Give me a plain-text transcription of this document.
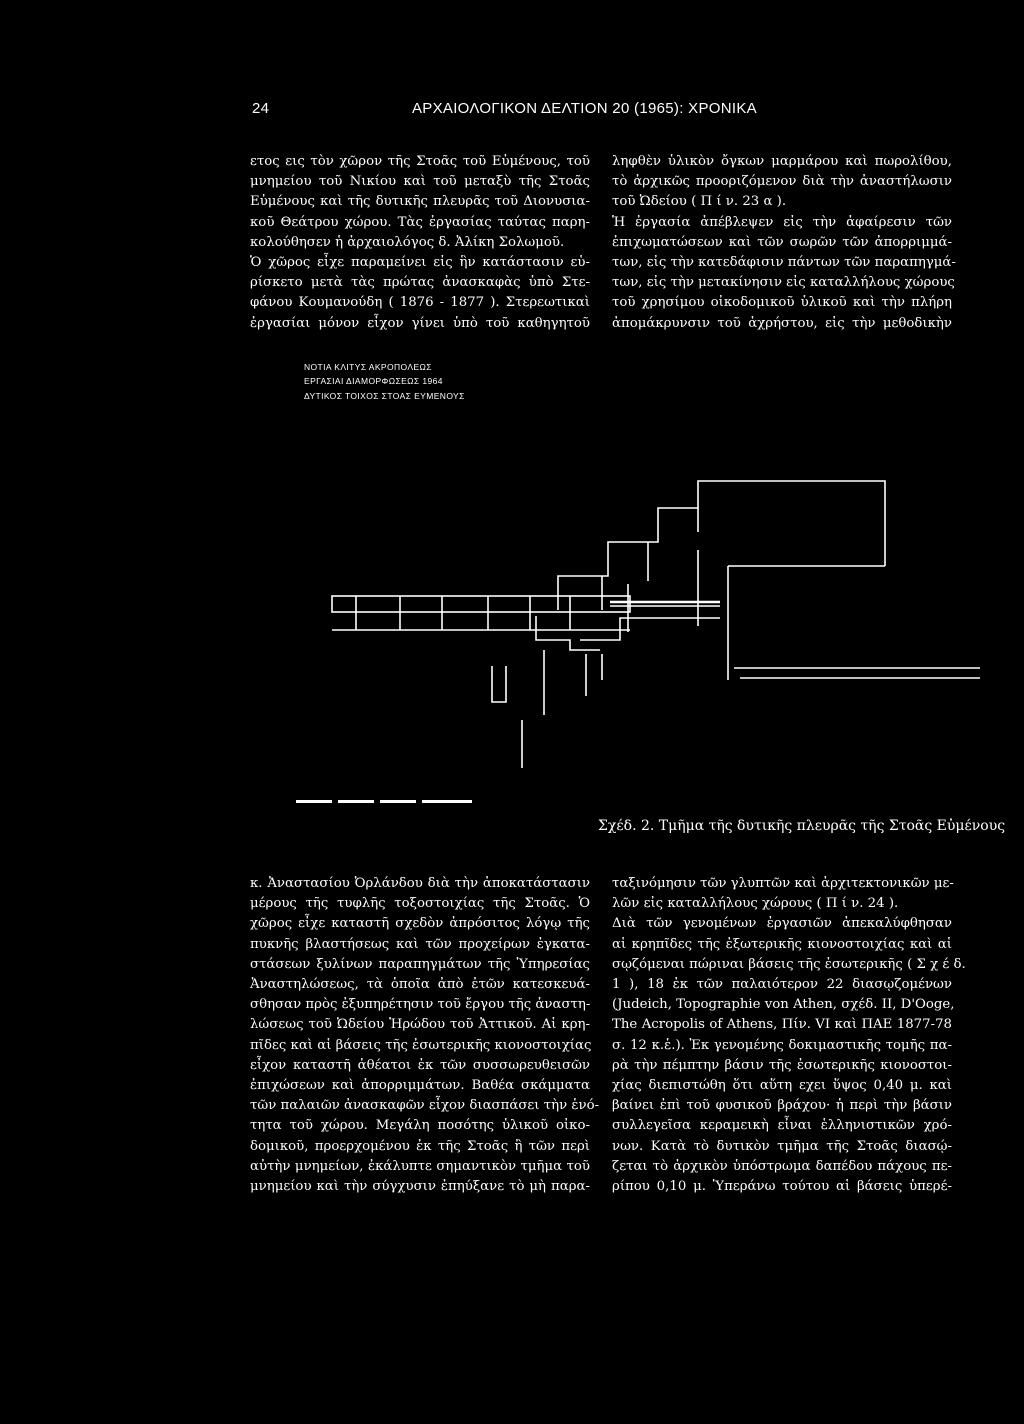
24	ΑΡΧΑΙΟΛΟΓΙΚΟΝ ΔΕΛΤΙΟΝ 20 (1965): ΧΡΟΝΙΚΑ
ετος εις τὸν χῶρον τῆς Στοᾶς τοῦ Εὐμένους, τοῦ
μνημείου τοῦ Νικίου καὶ τοῦ μεταξὺ τῆς Στοᾶς
Εὐμένους καὶ τῆς δυτικῆς πλευρᾶς τοῦ Διονυσια-
κοῦ Θεάτρου χώρου. Τὰς ἐργασίας ταύτας παρη-
κολούθησεν ἡ ἀρχαιολόγος δ. Ἀλίκη Σολωμοῦ.
Ὁ χῶρος εἶχε παραμείνει εἰς ἣν κατάστασιν εὑ-
ρίσκετο μετὰ τὰς πρώτας ἀνασκαφὰς ὑπὸ Στε-
φάνου Κουμανούδη ( 1876 - 1877 ). Στερεωτικαὶ
ἐργασίαι μόνον εἶχον γίνει ὑπὸ τοῦ καθηγητοῦ
ληφθὲν ὑλικὸν ὄγκων μαρμάρου καὶ πωρολίθου,
τὸ ἀρχικῶς προοριζόμενον διὰ τὴν ἀναστήλωσιν
τοῦ Ὠδείου ( Π ί ν. 23 α ).
Ἡ ἐργασία ἀπέβλεψεν εἰς τὴν ἀφαίρεσιν τῶν
ἐπιχωματώσεων καὶ τῶν σωρῶν τῶν ἀπορριμμά-
των, εἰς τὴν κατεδάφισιν πάντων τῶν παραπηγμά-
των, εἰς τὴν μετακίνησιν εἰς καταλλήλους χώρους
τοῦ χρησίμου οἰκοδομικοῦ ὑλικοῦ καὶ τὴν πλήρη
ἀπομάκρυνσιν τοῦ ἀχρήστου, εἰς τὴν μεθοδικὴν
ΝΟΤΙΑ ΚΛΙΤΥΣ ΑΚΡΟΠΟΛΕΩΣ
ΕΡΓΑΣΙΑΙ ΔΙΑΜΟΡΦΩΣΕΩΣ 1964
ΔΥΤΙΚΟΣ ΤΟΙΧΟΣ ΣΤΟΑΣ ΕΥΜΕΝΟΥΣ
Σχέδ. 2. Τμῆμα τῆς δυτικῆς πλευρᾶς τῆς Στοᾶς Εὐμένους
κ. Ἀναστασίου Ὀρλάνδου διὰ τὴν ἀποκατάστασιν
μέρους τῆς τυφλῆς τοξοστοιχίας τῆς Στοᾶς. Ὁ
χῶρος εἶχε καταστῆ σχεδὸν ἀπρόσιτος λόγῳ τῆς
πυκνῆς βλαστήσεως καὶ τῶν προχείρων ἐγκατα-
στάσεων ξυλίνων παραπηγμάτων τῆς Ὑπηρεσίας
Ἀναστηλώσεως, τὰ ὁποῖα ἀπὸ ἐτῶν κατεσκευά-
σθησαν πρὸς ἐξυπηρέτησιν τοῦ ἔργου τῆς ἀναστη-
λώσεως τοῦ Ὠδείου Ἡρώδου τοῦ Ἀττικοῦ. Αἱ κρη-
πῖδες καὶ αἱ βάσεις τῆς ἐσωτερικῆς κιονοστοιχίας
εἶχον καταστῆ ἀθέατοι ἐκ τῶν συσσωρευθεισῶν
ἐπιχώσεων καὶ ἀπορριμμάτων. Βαθέα σκάμματα
τῶν παλαιῶν ἀνασκαφῶν εἶχον διασπάσει τὴν ἑνό-
τητα τοῦ χώρου. Μεγάλη ποσότης ὑλικοῦ οἰκο-
δομικοῦ, προερχομένου ἐκ τῆς Στοᾶς ἢ τῶν περὶ
αὐτὴν μνημείων, ἐκάλυπτε σημαντικὸν τμῆμα τοῦ
μνημείου καὶ τὴν σύγχυσιν ἐπηύξανε τὸ μὴ παρα-
ταξινόμησιν τῶν γλυπτῶν καὶ ἀρχιτεκτονικῶν με-
λῶν εἰς καταλλήλους χώρους ( Π ί ν. 24 ).
Διὰ τῶν γενομένων ἐργασιῶν ἀπεκαλύφθησαν
αἱ κρηπῖδες τῆς ἐξωτερικῆς κιονοστοιχίας καὶ αἱ
σῳζόμεναι πώριναι βάσεις τῆς ἐσωτερικῆς ( Σ χ έ δ.
1 ), 18 ἐκ τῶν παλαιότερον 22 διασῳζομένων
(Judeich, Topographie von Athen, σχέδ. II, D'Ooge,
The Acropolis of Athens, Πίν. VI καὶ ΠΑΕ 1877-78
σ. 12 κ.ἑ.). Ἐκ γενομένης δοκιμαστικῆς τομῆς πα-
ρὰ τὴν πέμπτην βάσιν τῆς ἐσωτερικῆς κιονοστοι-
χίας διεπιστώθη ὅτι αὕτη εχει ὕψος 0,40 μ. καὶ
βαίνει ἐπὶ τοῦ φυσικοῦ βράχου· ἡ περὶ τὴν βάσιν
συλλεγεῖσα κεραμεικὴ εἶναι ἑλληνιστικῶν χρό-
νων. Κατὰ τὸ δυτικὸν τμῆμα τῆς Στοᾶς διασῴ-
ζεται τὸ ἀρχικὸν ὑπόστρωμα δαπέδου πάχους πε-
ρίπου 0,10 μ. Ὑπεράνω τούτου αἱ βάσεις ὑπερέ-
